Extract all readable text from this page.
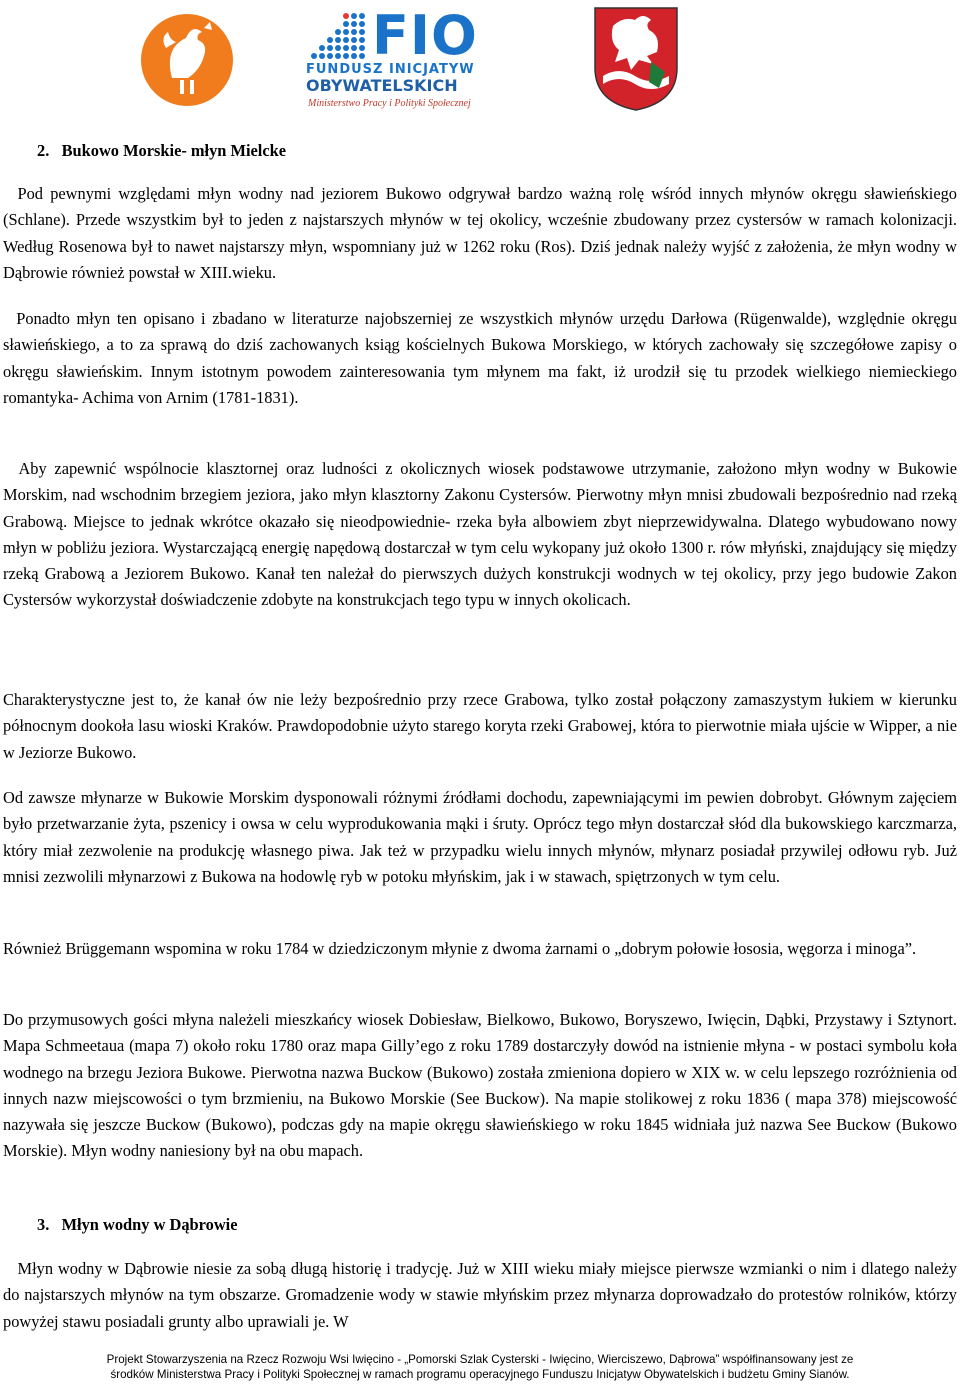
FIO
FUNDUSZ INICJATYW
OBYWATELSKICH
Ministerstwo Pracy i Polityki Społecznej
2.   Bukowo Morskie- młyn Mielcke

Pod pewnymi względami młyn wodny nad jeziorem Bukowo odgrywał bardzo ważną rolę wśród innych młynów okręgu sławieńskiego (Schlane). Przede wszystkim był to jeden z najstarszych młynów w tej okolicy, wcześnie zbudowany przez cystersów w ramach kolonizacji. Według Rosenowa był to nawet najstarszy młyn, wspomniany już w 1262 roku (Ros). Dziś jednak należy wyjść z założenia, że młyn wodny w Dąbrowie również powstał w XIII.wieku.

Ponadto młyn ten opisano i zbadano w literaturze najobszerniej ze wszystkich młynów urzędu Darłowa (Rügenwalde), względnie okręgu sławieńskiego, a to za sprawą do dziś zachowanych ksiąg kościelnych Bukowa Morskiego, w których zachowały się szczegółowe zapisy o okręgu sławieńskim. Innym istotnym powodem zainteresowania tym młynem ma fakt, iż urodził się tu przodek wielkiego niemieckiego romantyka- Achima von Arnim (1781-1831).

Aby zapewnić wspólnocie klasztornej oraz ludności z okolicznych wiosek podstawowe utrzymanie, założono młyn wodny w Bukowie Morskim, nad wschodnim brzegiem jeziora, jako młyn klasztorny Zakonu Cystersów. Pierwotny młyn mnisi zbudowali bezpośrednio nad rzeką Grabową. Miejsce to jednak wkrótce okazało się nieodpowiednie- rzeka była albowiem zbyt nieprzewidywalna. Dlatego wybudowano nowy młyn w pobliżu jeziora. Wystarczającą energię napędową dostarczał w tym celu wykopany już około 1300 r. rów młyński, znajdujący się między rzeką Grabową a Jeziorem Bukowo. Kanał ten należał do pierwszych dużych konstrukcji wodnych w tej okolicy, przy jego budowie Zakon Cystersów wykorzystał doświadczenie zdobyte na konstrukcjach tego typu w innych okolicach.

Charakterystyczne jest to, że kanał ów nie leży bezpośrednio przy rzece Grabowa, tylko został połączony zamaszystym łukiem w kierunku północnym dookoła lasu wioski Kraków. Prawdopodobnie użyto starego koryta rzeki Grabowej, która to pierwotnie miała ujście w Wipper, a nie w Jeziorze Bukowo.

Od zawsze młynarze w Bukowie Morskim dysponowali różnymi źródłami dochodu, zapewniającymi im pewien dobrobyt. Głównym zajęciem było przetwarzanie żyta, pszenicy i owsa w celu wyprodukowania mąki i śruty. Oprócz tego młyn dostarczał słód dla bukowskiego karczmarza, który miał zezwolenie na produkcję własnego piwa. Jak też w przypadku wielu innych młynów, młynarz posiadał przywilej odłowu ryb. Już mnisi zezwolili młynarzowi z Bukowa na hodowlę ryb w potoku młyńskim, jak i w stawach, spiętrzonych w tym celu.

Również Brüggemann wspomina w roku 1784 w dziedziczonym młynie z dwoma żarnami o „dobrym połowie łososia, węgorza i minoga”.

Do przymusowych gości młyna należeli mieszkańcy wiosek Dobiesław, Bielkowo, Bukowo, Boryszewo, Iwięcin, Dąbki, Przystawy i Sztynort. Mapa Schmeetaua (mapa 7) około roku 1780 oraz mapa Gilly’ego z roku 1789 dostarczyły dowód na istnienie młyna - w postaci symbolu koła wodnego na brzegu Jeziora Bukowe. Pierwotna nazwa Buckow (Bukowo) została zmieniona dopiero w XIX w. w celu lepszego rozróżnienia od innych nazw miejscowości o tym brzmieniu, na Bukowo Morskie (See Buckow). Na mapie stolikowej z roku 1836 ( mapa 378) miejscowość nazywała się jeszcze Buckow (Bukowo), podczas gdy na mapie okręgu sławieńskiego w roku 1845 widniała już nazwa See Buckow (Bukowo Morskie). Młyn wodny naniesiony był na obu mapach.

3.   Młyn wodny w Dąbrowie

Młyn wodny w Dąbrowie niesie za sobą długą historię i tradycję. Już w XIII wieku miały miejsce pierwsze wzmianki o nim i dlatego należy do najstarszych młynów na tym obszarze. Gromadzenie wody w stawie młyńskim przez młynarza doprowadzało do protestów rolników, którzy powyżej stawu posiadali grunty albo uprawiali je. W

Projekt Stowarzyszenia na Rzecz Rozwoju Wsi Iwięcino - „Pomorski Szlak Cysterski - Iwięcino, Wierciszewo, Dąbrowa” współfinansowany jest ze
środków Ministerstwa Pracy i Polityki Społecznej w ramach programu operacyjnego Funduszu Inicjatyw Obywatelskich i budżetu Gminy Sianów.
